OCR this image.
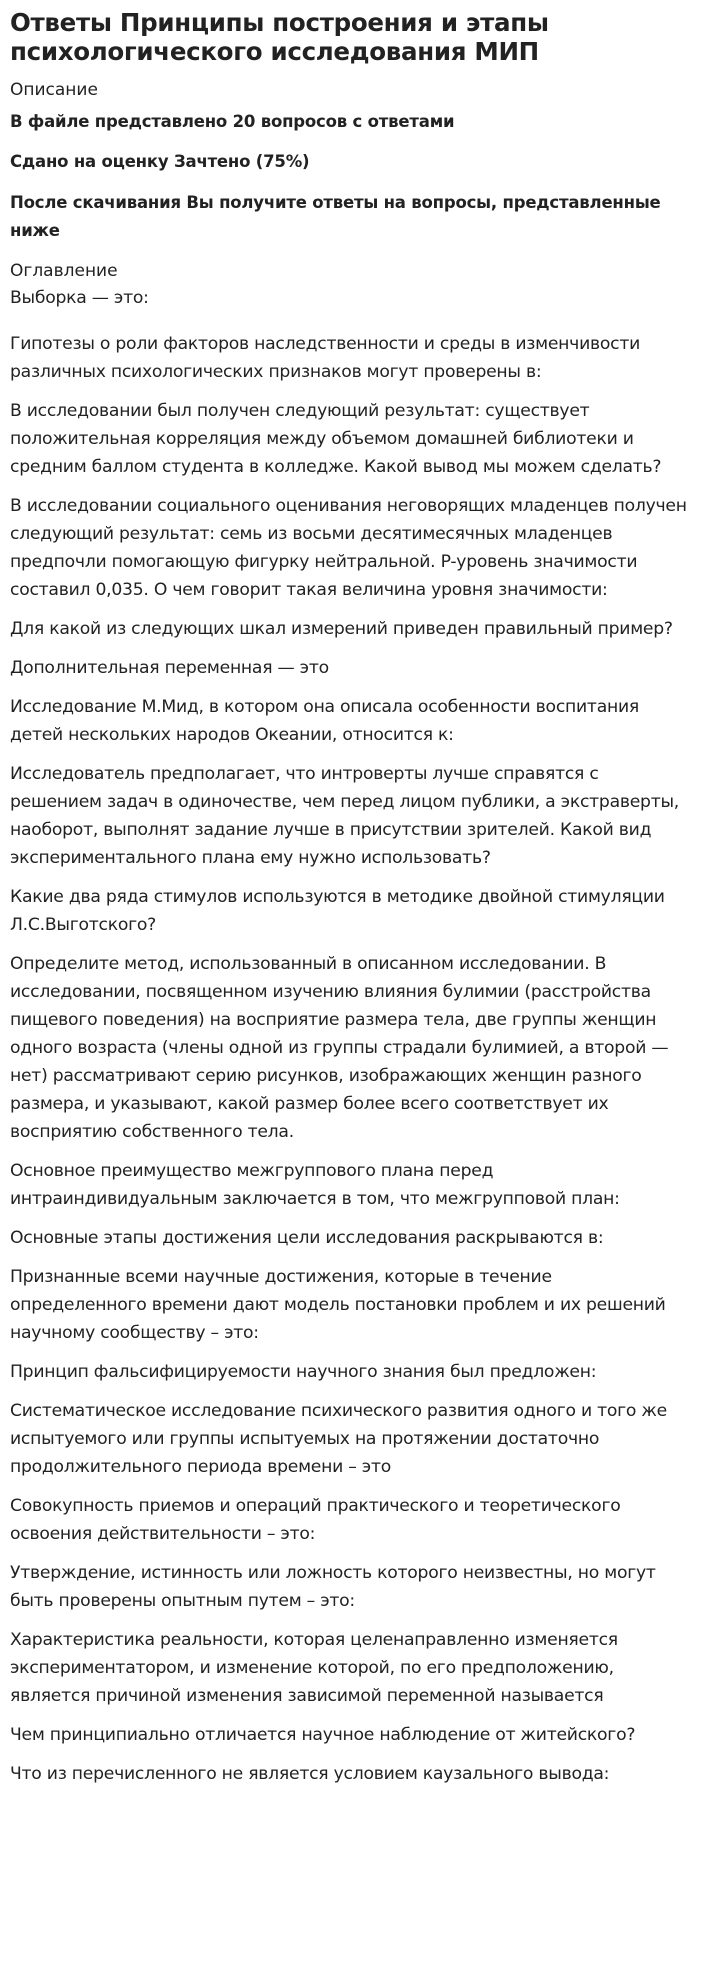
Ответы Принципы построения и этапы психологического исследования МИП
Описание
В файле представлено 20 вопросов с ответами
Сдано на оценку Зачтено (75%)
После скачивания Вы получите ответы на вопросы, представленные ниже
Оглавление
Выборка — это:
Гипотезы о роли факторов наследственности и среды в изменчивости различных психологических признаков могут проверены в:
В исследовании был получен следующий результат: существует положительная корреляция между объемом домашней библиотеки и средним баллом студента в колледже. Какой вывод мы можем сделать?
В исследовании социального оценивания неговорящих младенцев получен следующий результат: семь из восьми десятимесячных младенцев предпочли помогающую фигурку нейтральной. P-уровень значимости составил 0,035. О чем говорит такая величина уровня значимости:
Для какой из следующих шкал измерений приведен правильный пример?
Дополнительная переменная — это
Исследование М.Мид, в котором она описала особенности воспитания детей нескольких народов Океании, относится к:
Исследователь предполагает, что интроверты лучше справятся с решением задач в одиночестве, чем перед лицом публики, а экстраверты, наоборот, выполнят задание лучше в присутствии зрителей. Какой вид экспериментального плана ему нужно использовать?
Какие два ряда стимулов используются в методике двойной стимуляции Л.С.Выготского?
Определите метод, использованный в описанном исследовании. В исследовании, посвященном изучению влияния булимии (расстройства пищевого поведения) на восприятие размера тела, две группы женщин одного возраста (члены одной из группы страдали булимией, а второй — нет) рассматривают серию рисунков, изображающих женщин разного размера, и указывают, какой размер более всего соответствует их восприятию собственного тела.
Основное преимущество межгруппового плана перед интраиндивидуальным заключается в том, что межгрупповой план:
Основные этапы достижения цели исследования раскрываются в:
Признанные всеми научные достижения, которые в течение определенного времени дают модель постановки проблем и их решений научному сообществу – это:
Принцип фальсифицируемости научного знания был предложен:
Систематическое исследование психического развития одного и того же испытуемого или группы испытуемых на протяжении достаточно продолжительного периода времени – это
Совокупность приемов и операций практического и теоретического освоения действительности – это:
Утверждение, истинность или ложность которого неизвестны, но могут быть проверены опытным путем – это:
Характеристика реальности, которая целенаправленно изменяется экспериментатором, и изменение которой, по его предположению, является причиной изменения зависимой переменной называется
Чем принципиально отличается научное наблюдение от житейского?
Что из перечисленного не является условием каузального вывода:
